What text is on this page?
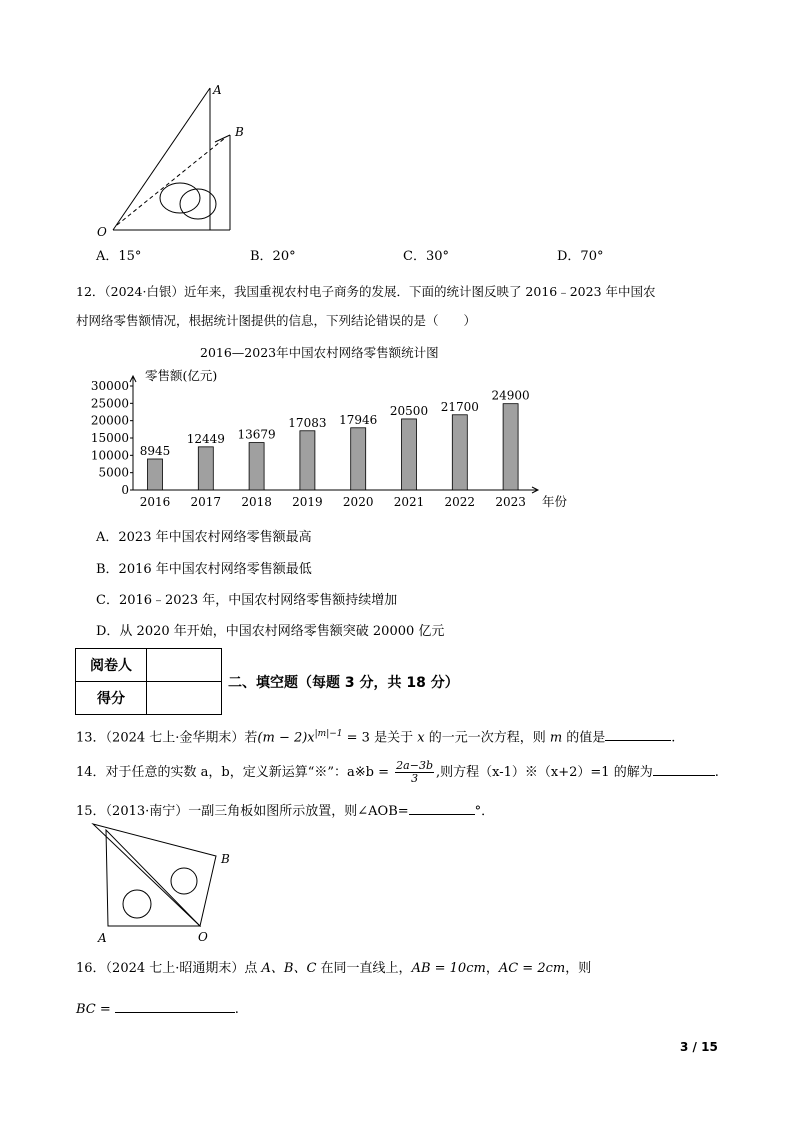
A
B
O
A．15°	B．20°	C．30°	D．70°
12．（2024·白银）近年来，我国重视农村电子商务的发展．下面的统计图反映了 2016﹣2023 年中国农
村网络零售额情况，根据统计图提供的信息，下列结论错误的是（　　）
2016—2023年中国农村网络零售额统计图
零售额(亿元)
年份
0
5000
10000
15000
20000
25000
30000
8945
2016
12449
2017
13679
2018
17083
2019
17946
2020
20500
2021
21700
2022
24900
2023
A．2023 年中国农村网络零售额最高
B．2016 年中国农村网络零售额最低
C．2016﹣2023 年，中国农村网络零售额持续增加
D．从 2020 年开始，中国农村网络零售额突破 20000 亿元
阅卷人	
得分	
二、填空题（每题 3 分，共 18 分）
13．（2024 七上·金华期末）若$(m - 2)x^{|m|-1} = 3$ 是关于 x 的一元一次方程，则 m 的值是	.
14．对于任意的实数 a，b，定义新运算“※”：a※b = $\frac{2a-3b}{3}$ ,则方程（x-1）※（x+2）=1 的解为	.
15．（2013·南宁）一副三角板如图所示放置，则∠AOB=	°．
A
B
O
16．（2024 七上·昭通期末）点 A、B、C 在同一直线上，AB = 10cm，AC = 2cm，则
BC =	.
3 / 15
